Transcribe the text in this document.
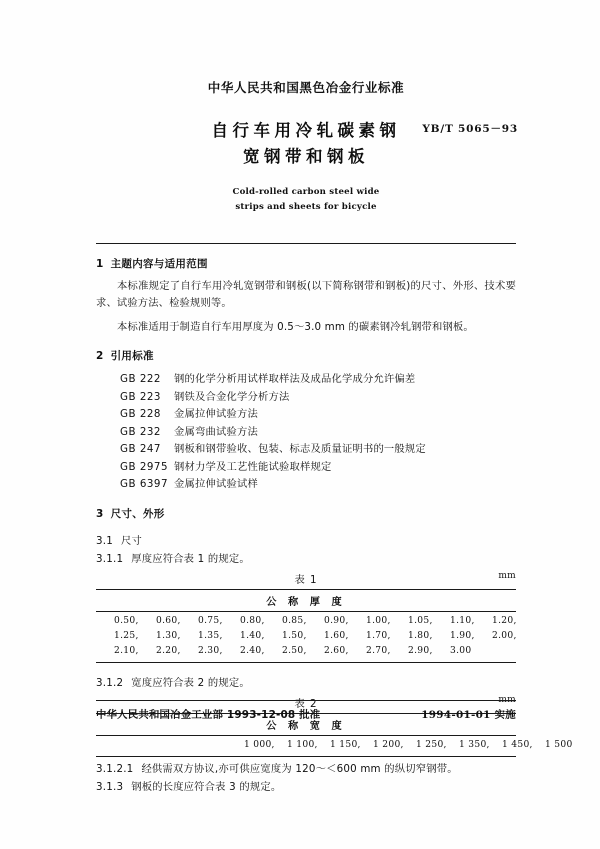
中华人民共和国黑色冶金行业标准
自行车用冷轧碳素钢
宽钢带和钢板
YB/T 5065－93
Cold-rolled carbon steel wide
strips and sheets for bicycle
1 主题内容与适用范围

本标准规定了自行车用冷轧宽钢带和钢板(以下简称钢带和钢板)的尺寸、外形、技术要求、试验方法、检验规则等。

本标准适用于制造自行车用厚度为 0.5～3.0 mm 的碳素钢冷轧钢带和钢板。

2 引用标准
GB 222 钢的化学分析用试样取样法及成品化学成分允许偏差
GB 223 钢铁及合金化学分析方法
GB 228 金属拉伸试验方法
GB 232 金属弯曲试验方法
GB 247 钢板和钢带验收、包装、标志及质量证明书的一般规定
GB 2975 钢材力学及工艺性能试验取样规定
GB 6397 金属拉伸试验试样
3 尺寸、外形
3.1 尺寸
3.1.1 厚度应符合表 1 的规定。
表 1	mm
公 称 厚 度

0.50,	0.60,	0.75,	0.80,	0.85,	0.90,	1.00,	1.05,	1.10,	1.20,
1.25,	1.30,	1.35,	1.40,	1.50,	1.60,	1.70,	1.80,	1.90,	2.00,
2.10,	2.20,	2.30,	2.40,	2.50,	2.60,	2.70,	2.90,	3.00
3.1.2 宽度应符合表 2 的规定。
表 2	mm
公 称 宽 度

1 000,	1 100,	1 150,	1 200,	1 250,	1 350,	1 450,	1 500
3.1.2.1 经供需双方协议,亦可供应宽度为 120～＜600 mm 的纵切窄钢带。
3.1.3 钢板的长度应符合表 3 的规定。
中华人民共和国冶金工业部 1993-12-08 批准	1994-01-01 实施
